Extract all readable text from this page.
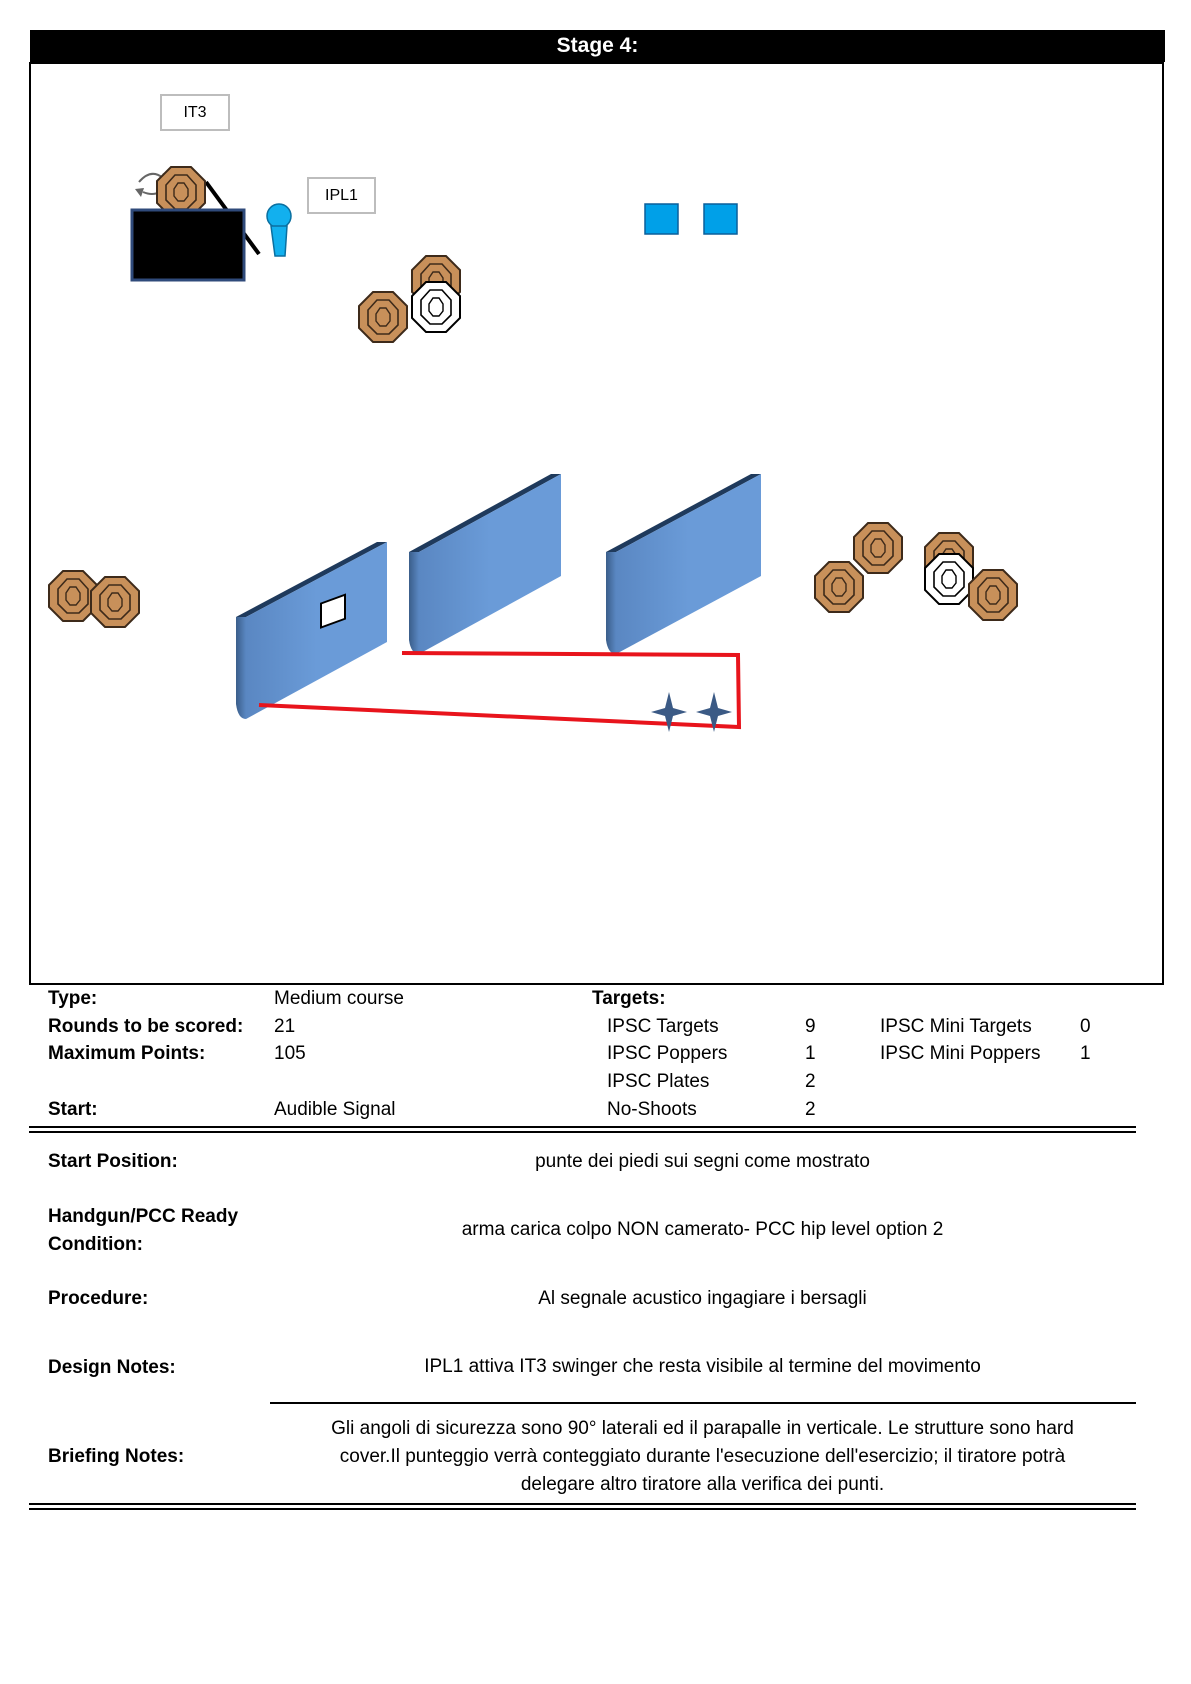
Stage 4:
IT3
IPL1
Type:	Medium course	Targets:
Rounds to be scored: 21
Maximum Points:	105
Start:	Audible Signal
IPSC Targets	9
IPSC Poppers	1
IPSC Plates	2
No-Shoots	2
IPSC Mini Targets	0
IPSC Mini Poppers 1
Start Position:	punte dei piedi sui segni come mostrato
Handgun/PCC Ready
Condition:
arma carica colpo NON camerato- PCC hip level option 2
Procedure:	Al segnale acustico ingagiare i bersagli
Design Notes:	IPL1 attiva IT3 swinger che resta visibile al termine del movimento
Briefing Notes:
Gli angoli di sicurezza sono 90° laterali ed il parapalle in verticale. Le strutture sono hard
cover.Il punteggio verrà conteggiato durante l'esecuzione dell'esercizio; il tiratore potrà
delegare altro tiratore alla verifica dei punti.
